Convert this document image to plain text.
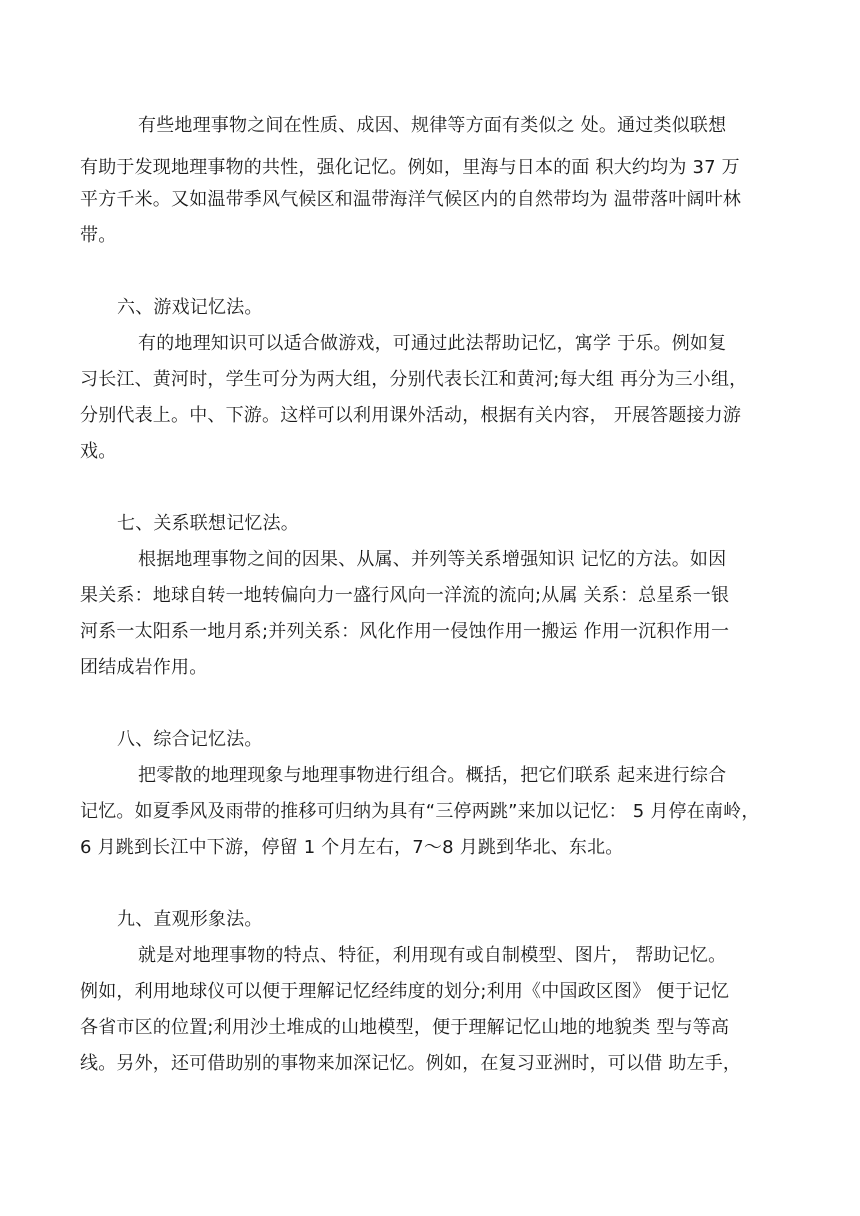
有些地理事物之间在性质、成因、规律等方面有类似之 处。通过类似联想
有助于发现地理事物的共性，强化记忆。例如，里海与日本的面 积大约均为 37 万
平方千米。又如温带季风气候区和温带海洋气候区内的自然带均为 温带落叶阔叶林
带。
六、游戏记忆法。
有的地理知识可以适合做游戏，可通过此法帮助记忆，寓学 于乐。例如复
习长江、黄河时，学生可分为两大组，分别代表长江和黄河;每大组 再分为三小组，
分别代表上。中、下游。这样可以利用课外活动，根据有关内容， 开展答题接力游
戏。
七、关系联想记忆法。
根据地理事物之间的因果、从属、并列等关系增强知识 记忆的方法。如因
果关系：地球自转一地转偏向力一盛行风向一洋流的流向;从属 关系：总星系一银
河系一太阳系一地月系;并列关系：风化作用一侵蚀作用一搬运 作用一沉积作用一
团结成岩作用。
八、综合记忆法。
把零散的地理现象与地理事物进行组合。概括，把它们联系 起来进行综合
记忆。如夏季风及雨带的推移可归纳为具有“三停两跳”来加以记忆： 5 月停在南岭，
6 月跳到长江中下游，停留 1 个月左右，7～8 月跳到华北、东北。
九、直观形象法。
就是对地理事物的特点、特征，利用现有或自制模型、图片， 帮助记忆。
例如，利用地球仪可以便于理解记忆经纬度的划分;利用《中国政区图》 便于记忆
各省市区的位置;利用沙土堆成的山地模型，便于理解记忆山地的地貌类 型与等高
线。另外，还可借助别的事物来加深记忆。例如，在复习亚洲时，可以借 助左手，
